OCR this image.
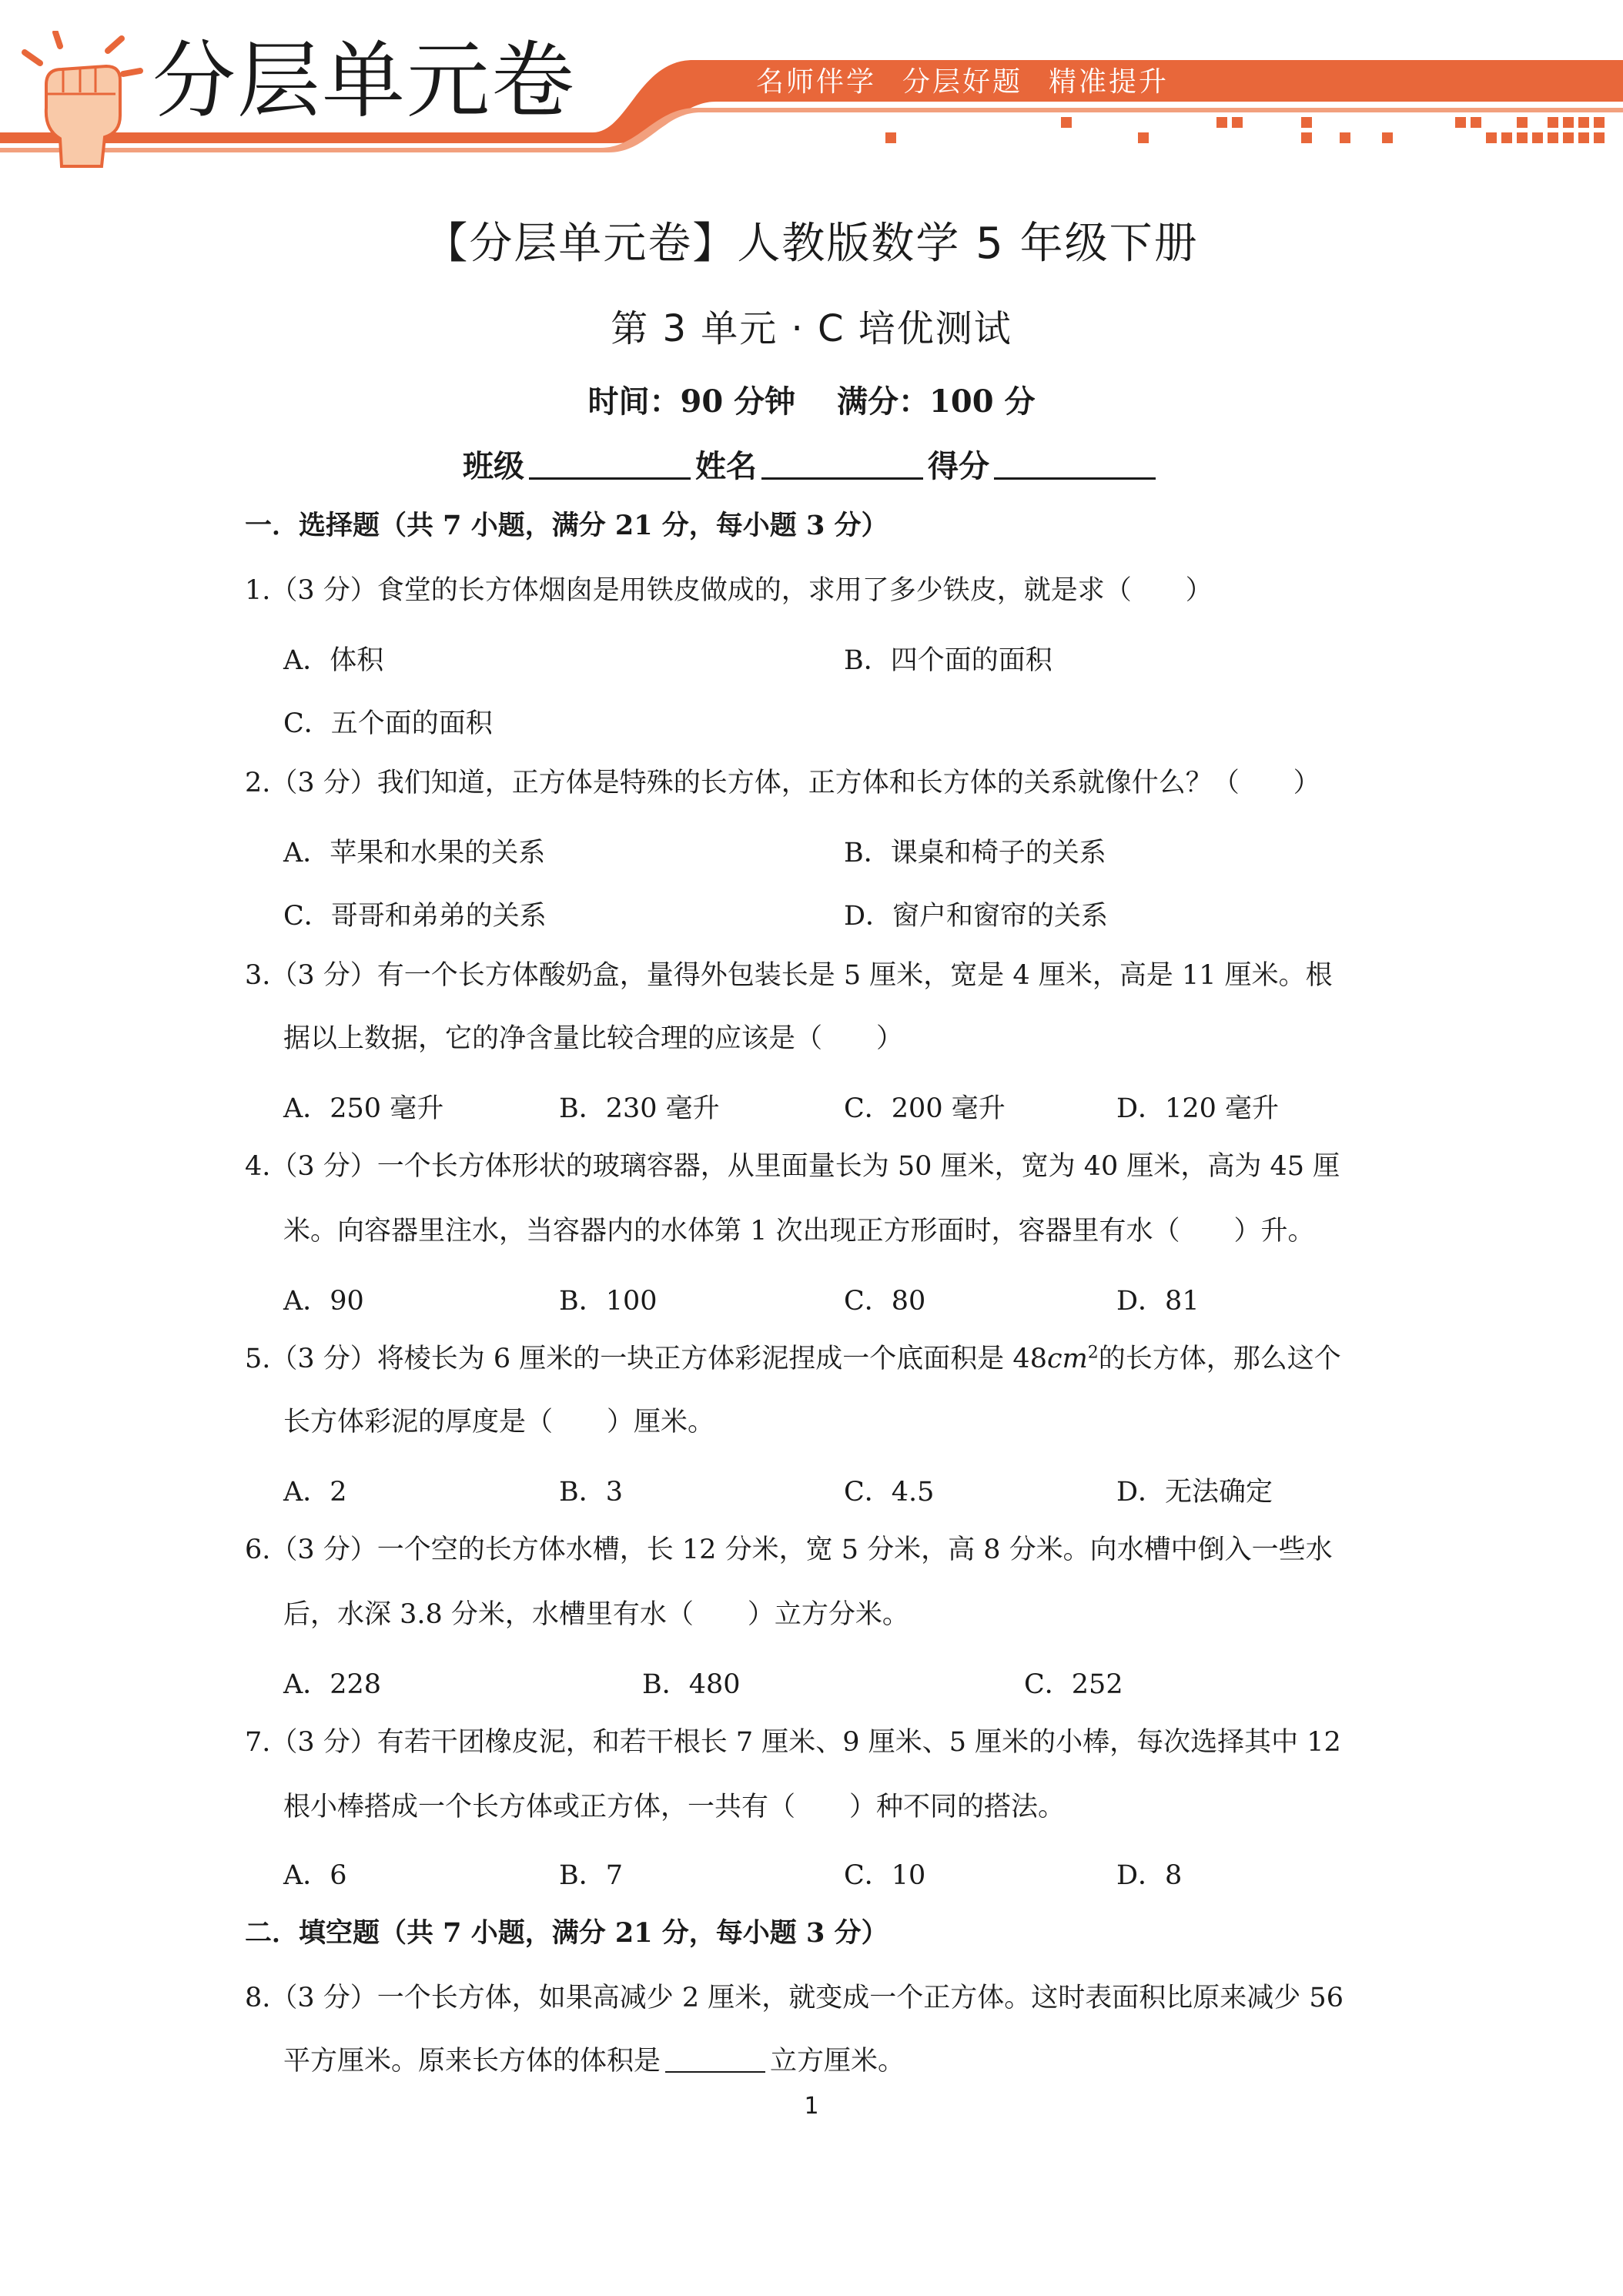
分层单元卷	名师伴学 分层好题 精准提升
【分层单元卷】人教版数学 5 年级下册
第 3 单元 · C 培优测试
时间：90 分钟 满分：100 分
班级	姓名	得分
一．选择题（共 7 小题，满分 21 分，每小题 3 分）
1.（3 分）食堂的长方体烟囱是用铁皮做成的，求用了多少铁皮，就是求（　　）
A．体积	B．四个面的面积
C．五个面的面积
2.（3 分）我们知道，正方体是特殊的长方体，正方体和长方体的关系就像什么？（　　）
A．苹果和水果的关系	B．课桌和椅子的关系
C．哥哥和弟弟的关系	D．窗户和窗帘的关系
3.（3 分）有一个长方体酸奶盒，量得外包装长是 5 厘米，宽是 4 厘米，高是 11 厘米。根
据以上数据，它的净含量比较合理的应该是（　　）
A．250 毫升	B．230 毫升	C．200 毫升	D．120 毫升
4.（3 分）一个长方体形状的玻璃容器，从里面量长为 50 厘米，宽为 40 厘米，高为 45 厘
米。向容器里注水，当容器内的水体第 1 次出现正方形面时，容器里有水（　　）升。
A．90	B．100	C．80	D．81
5.（3 分）将棱长为 6 厘米的一块正方体彩泥捏成一个底面积是 $48cm^2$的长方体，那么这个
长方体彩泥的厚度是（　　）厘米。
A．2	B．3	C．4.5	D．无法确定
6.（3 分）一个空的长方体水槽，长 12 分米，宽 5 分米，高 8 分米。向水槽中倒入一些水
后，水深 3.8 分米，水槽里有水（　　）立方分米。
A．228	B．480	C．252
7.（3 分）有若干团橡皮泥，和若干根长 7 厘米、9 厘米、5 厘米的小棒，每次选择其中 12
根小棒搭成一个长方体或正方体，一共有（　　）种不同的搭法。
A．6	B．7	C．10	D．8
二．填空题（共 7 小题，满分 21 分，每小题 3 分）
8.（3 分）一个长方体，如果高减少 2 厘米，就变成一个正方体。这时表面积比原来减少 56
平方厘米。原来长方体的体积是	立方厘米。
1
